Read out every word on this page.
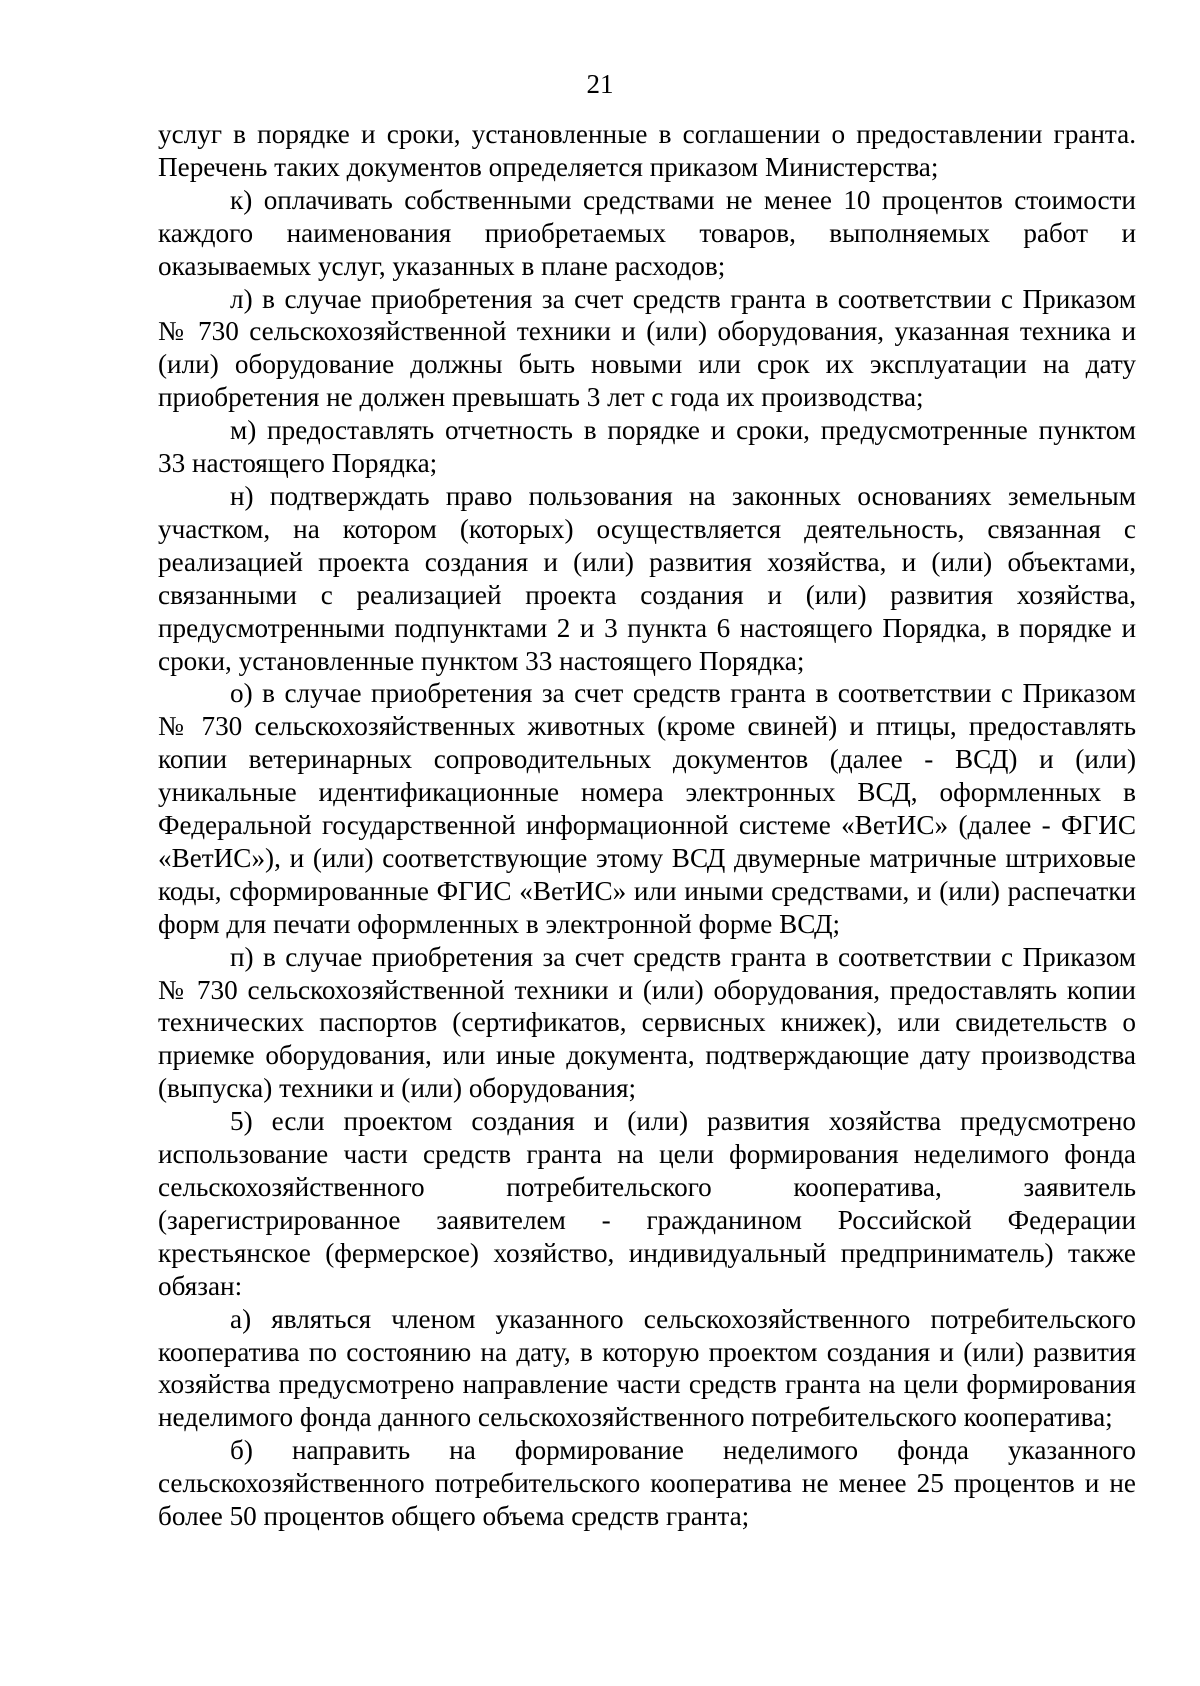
21

услуг в порядке и сроки, установленные в соглашении о предоставлении гранта. Перечень таких документов определяется приказом Министерства;

к) оплачивать собственными средствами не менее 10 процентов стоимости каждого наименования приобретаемых товаров, выполняемых работ и оказываемых услуг, указанных в плане расходов;

л) в случае приобретения за счет средств гранта в соответствии с Приказом № 730 сельскохозяйственной техники и (или) оборудования, указанная техника и (или) оборудование должны быть новыми или срок их эксплуатации на дату приобретения не должен превышать 3 лет с года их производства;

м) предоставлять отчетность в порядке и сроки, предусмотренные пунктом 33 настоящего Порядка;

н) подтверждать право пользования на законных основаниях земельным участком, на котором (которых) осуществляется деятельность, связанная с реализацией проекта создания и (или) развития хозяйства, и (или) объектами, связанными с реализацией проекта создания и (или) развития хозяйства, предусмотренными подпунктами 2 и 3 пункта 6 настоящего Порядка, в порядке и сроки, установленные пунктом 33 настоящего Порядка;

о) в случае приобретения за счет средств гранта в соответствии с Приказом № 730 сельскохозяйственных животных (кроме свиней) и птицы, предоставлять копии ветеринарных сопроводительных документов (далее - ВСД) и (или) уникальные идентификационные номера электронных ВСД, оформленных в Федеральной государственной информационной системе «ВетИС» (далее - ФГИС «ВетИС»), и (или) соответствующие этому ВСД двумерные матричные штриховые коды, сформированные ФГИС «ВетИС» или иными средствами, и (или) распечатки форм для печати оформленных в электронной форме ВСД;

п) в случае приобретения за счет средств гранта в соответствии с Приказом № 730 сельскохозяйственной техники и (или) оборудования, предоставлять копии технических паспортов (сертификатов, сервисных книжек), или свидетельств о приемке оборудования, или иные документа, подтверждающие дату производства (выпуска) техники и (или) оборудования;

5) если проектом создания и (или) развития хозяйства предусмотрено использование части средств гранта на цели формирования неделимого фонда сельскохозяйственного потребительского кооператива, заявитель (зарегистрированное заявителем - гражданином Российской Федерации крестьянское (фермерское) хозяйство, индивидуальный предприниматель) также обязан:

а) являться членом указанного сельскохозяйственного потребительского кооператива по состоянию на дату, в которую проектом создания и (или) развития хозяйства предусмотрено направление части средств гранта на цели формирования неделимого фонда данного сельскохозяйственного потребительского кооператива;

б) направить на формирование неделимого фонда указанного сельскохозяйственного потребительского кооператива не менее 25 процентов и не более 50 процентов общего объема средств гранта;
